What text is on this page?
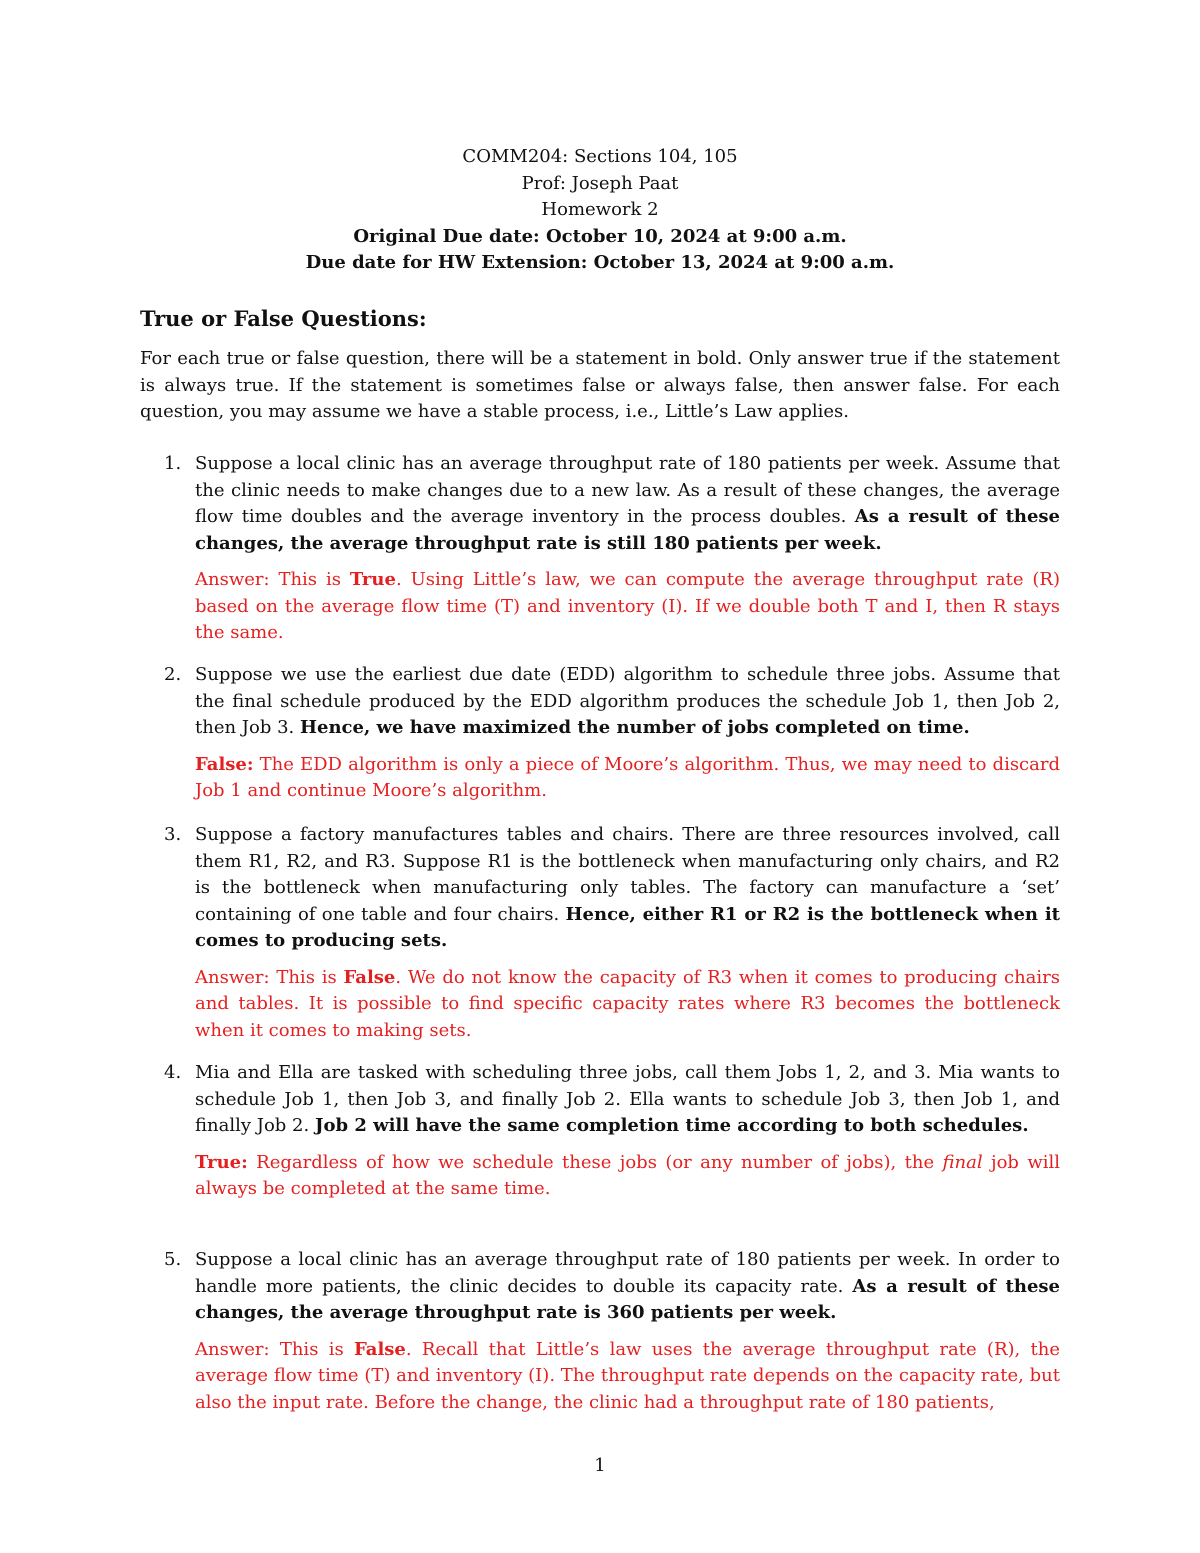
COMM204: Sections 104, 105
Prof: Joseph Paat
Homework 2
Original Due date: October 10, 2024 at 9:00 a.m.
Due date for HW Extension: October 13, 2024 at 9:00 a.m.
True or False Questions:
For each true or false question, there will be a statement in bold. Only answer true if the statement is always true. If the statement is sometimes false or always false, then answer false. For each question, you may assume we have a stable process, i.e., Little’s Law applies.
1. Suppose a local clinic has an average throughput rate of 180 patients per week. Assume that the clinic needs to make changes due to a new law. As a result of these changes, the average flow time doubles and the average inventory in the process doubles. As a result of these changes, the average throughput rate is still 180 patients per week.
Answer: This is True. Using Little’s law, we can compute the average throughput rate (R) based on the average flow time (T) and inventory (I). If we double both T and I, then R stays the same.
2. Suppose we use the earliest due date (EDD) algorithm to schedule three jobs. Assume that the final schedule produced by the EDD algorithm produces the schedule Job 1, then Job 2, then Job 3. Hence, we have maximized the number of jobs completed on time.
False: The EDD algorithm is only a piece of Moore’s algorithm. Thus, we may need to discard Job 1 and continue Moore’s algorithm.
3. Suppose a factory manufactures tables and chairs. There are three resources involved, call them R1, R2, and R3. Suppose R1 is the bottleneck when manufacturing only chairs, and R2 is the bottleneck when manufacturing only tables. The factory can manufacture a ‘set’ containing of one table and four chairs. Hence, either R1 or R2 is the bottleneck when it comes to producing sets.
Answer: This is False. We do not know the capacity of R3 when it comes to producing chairs and tables. It is possible to find specific capacity rates where R3 becomes the bottleneck when it comes to making sets.
4. Mia and Ella are tasked with scheduling three jobs, call them Jobs 1, 2, and 3. Mia wants to schedule Job 1, then Job 3, and finally Job 2. Ella wants to schedule Job 3, then Job 1, and finally Job 2. Job 2 will have the same completion time according to both schedules.
True: Regardless of how we schedule these jobs (or any number of jobs), the final job will always be completed at the same time.
5. Suppose a local clinic has an average throughput rate of 180 patients per week. In order to handle more patients, the clinic decides to double its capacity rate. As a result of these changes, the average throughput rate is 360 patients per week.
Answer: This is False. Recall that Little’s law uses the average throughput rate (R), the average flow time (T) and inventory (I). The throughput rate depends on the capacity rate, but also the input rate. Before the change, the clinic had a throughput rate of 180 patients,
1
